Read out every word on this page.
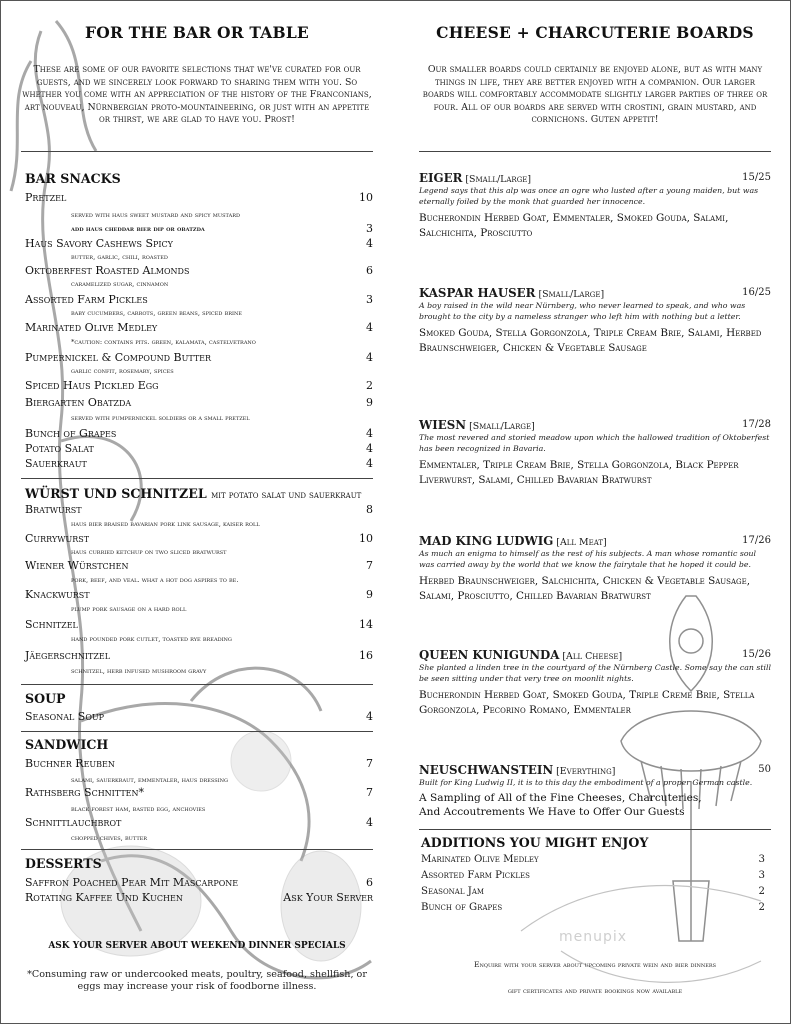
FOR THE BAR OR TABLE
These are some of our favorite selections that we've curated for our guests, and we sincerely look forward to sharing them with you. So whether you come with an appreciation of the history of the Franconians, art nouveau, Nürnbergian proto-mountaineering, or just with an appetite or thirst, we are glad to have you. Prost!
BAR SNACKS
Pretzel	10
served with haus sweet mustard and spicy mustard
add haus cheddar bier dip or obatzda	3
Haus Savory Cashews Spicy	4
butter, garlic, chili, roasted
Oktoberfest Roasted Almonds	6
caramelized sugar, cinnamon
Assorted Farm Pickles	3
baby cucumbers, carrots, green beans, spiced brine
Marinated Olive Medley	4
*caution: contains pits. green, kalamata, castelvetrano
Pumpernickel & Compound Butter	4
garlic confit, rosemary, spices
Spiced Haus Pickled Egg	2
Biergarten Obatzda	9
served with pumpernickel soldiers or a small pretzel
Bunch of Grapes	4
Potato Salat	4
Sauerkraut	4
WÜRST UND SCHNITZEL mit potato salat und sauerkraut
Bratwurst	8
haus bier braised bavarian pork link sausage, kaiser roll
Currywurst	10
haus curried ketchup on two sliced bratwurst
Wiener Würstchen	7
pork, beef, and veal. what a hot dog aspires to be.
Knackwurst	9
plump pork sausage on a hard roll
Schnitzel	14
hand pounded pork cutlet, toasted rye breading
Jäegerschnitzel	16
schnitzel, herb infused mushroom gravy
SOUP
Seasonal Soup	4
SANDWICH
Buchner Reuben	7
salami, sauerkraut, emmentaler, haus dressing
Rathsberg Schnitten*	7
black forest ham, basted egg, anchovies
Schnittlauchbrot	4
chopped chives, butter
DESSERTS
Saffron Poached Pear Mit Mascarpone	6
Rotating Kaffee Und Kuchen	Ask Your Server
ASK YOUR SERVER ABOUT WEEKEND DINNER SPECIALS
*Consuming raw or undercooked meats, poultry, seafood, shellfish, or eggs may increase your risk of foodborne illness.
CHEESE + CHARCUTERIE BOARDS
Our smaller boards could certainly be enjoyed alone, but as with many things in life, they are better enjoyed with a companion. Our larger boards will comfortably accommodate slightly larger parties of three or four. All of our boards are served with crostini, grain mustard, and cornichons. Guten appetit!
EIGER [Small/Large]	15/25
Legend says that this alp was once an ogre who lusted after a young maiden, but was eternally foiled by the monk that guarded her innocence.
Bucherondin Herbed Goat, Emmentaler, Smoked Gouda, Salami, Salchichita, Prosciutto
KASPAR HAUSER [Small/Large]	16/25
A boy raised in the wild near Nürnberg, who never learned to speak, and who was brought to the city by a nameless stranger who left him with nothing but a letter.
Smoked Gouda, Stella Gorgonzola, Triple Cream Brie, Salami, Herbed Braunschweiger, Chicken & Vegetable Sausage
WIESN [Small/Large]	17/28
The most revered and storied meadow upon which the hallowed tradition of Oktoberfest has been recognized in Bavaria.
Emmentaler, Triple Cream Brie, Stella Gorgonzola, Black Pepper Liverwurst, Salami, Chilled Bavarian Bratwurst
MAD KING LUDWIG [All Meat]	17/26
As much an enigma to himself as the rest of his subjects. A man whose romantic soul was carried away by the world that we know the fairytale that he hoped it could be.
Herbed Braunschweiger, Salchichita, Chicken & Vegetable Sausage, Salami, Prosciutto, Chilled Bavarian Bratwurst
QUEEN KUNIGUNDA [All Cheese]	15/26
She planted a linden tree in the courtyard of the Nürnberg Castle. Some say the can still be seen sitting under that very tree on moonlit nights.
Bucherondin Herbed Goat, Smoked Gouda, Triple Creme Brie, Stella Gorgonzola, Pecorino Romano, Emmentaler
NEUSCHWANSTEIN [Everything]	50
Built for King Ludwig II, it is to this day the embodiment of a proper German castle.
A Sampling of All of the Fine Cheeses, Charcuteries, And Accoutrements We Have to Offer Our Guests
ADDITIONS YOU MIGHT ENJOY
Marinated Olive Medley	3
Assorted Farm Pickles	3
Seasonal Jam	2
Bunch of Grapes	2
menupix
Enquire with your server about upcoming private wein and bier dinners
gift certificates and private bookings now available
